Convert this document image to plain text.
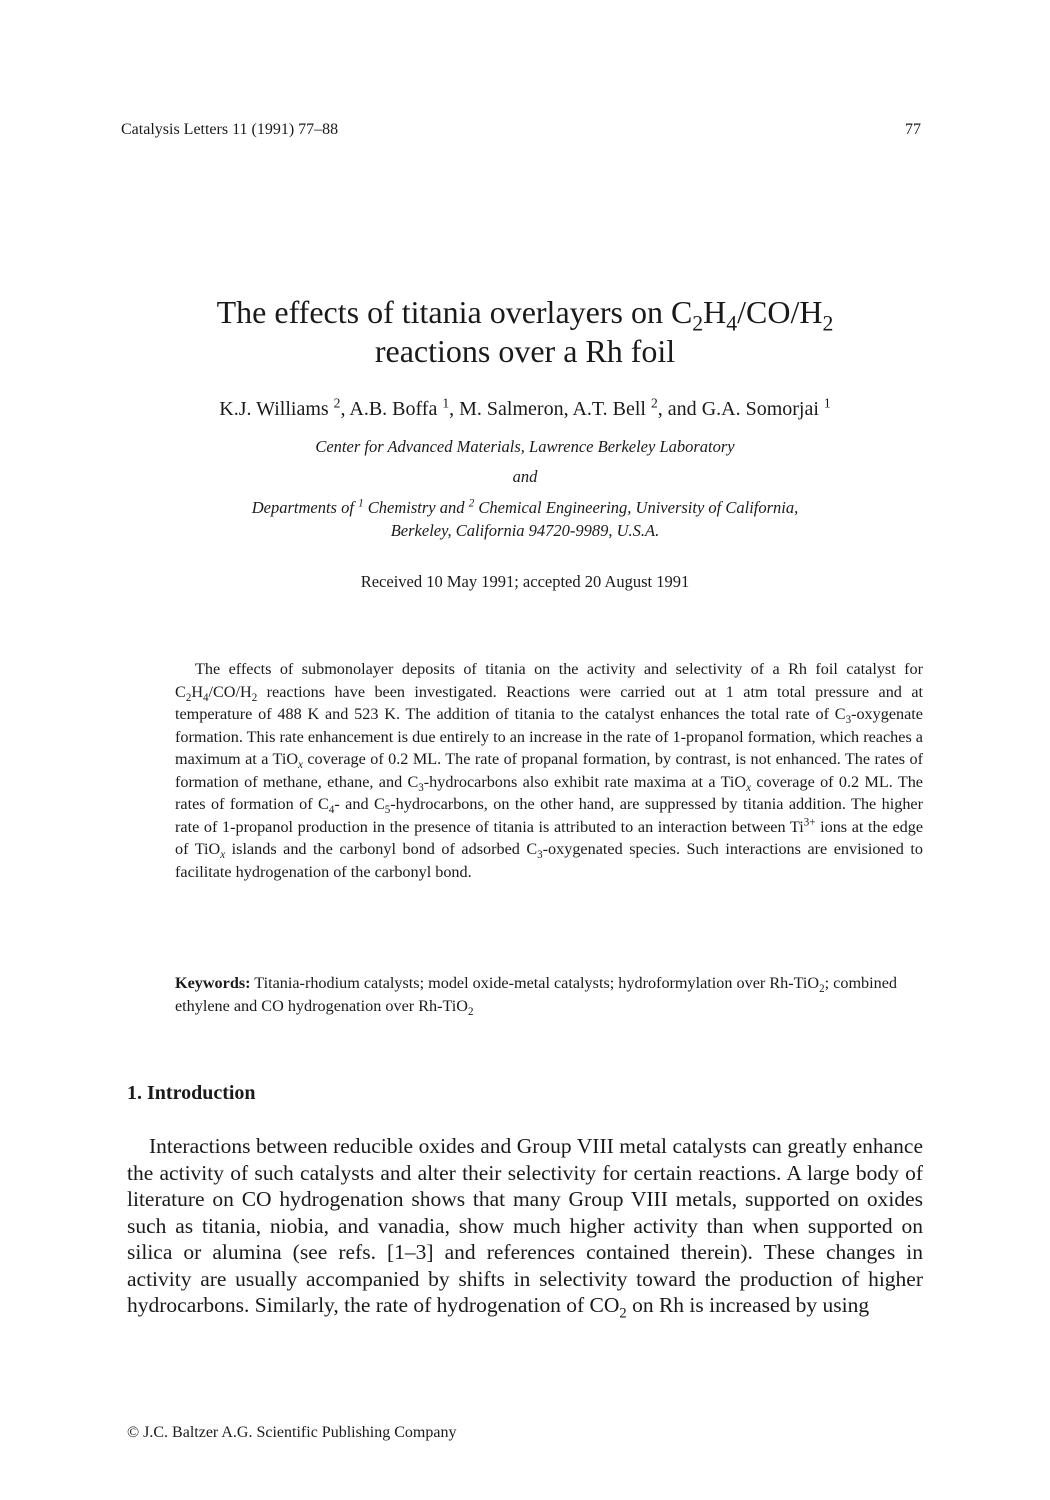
Catalysis Letters 11 (1991) 77–88	77
The effects of titania overlayers on $C_2H_4/CO/H_2$
reactions over a Rh foil
K.J. Williams $^2$, A.B. Boffa $^1$, M. Salmeron, A.T. Bell $^2$, and G.A. Somorjai $^1$
Center for Advanced Materials, Lawrence Berkeley Laboratory
and
Departments of $^1$ Chemistry and $^2$ Chemical Engineering, University of California,
Berkeley, California 94720-9989, U.S.A.
Received 10 May 1991; accepted 20 August 1991

The effects of submonolayer deposits of titania on the activity and selectivity of a Rh foil catalyst for $C_2H_4/CO/H_2$ reactions have been investigated. Reactions were carried out at 1 atm total pressure and at temperature of 488 K and 523 K. The addition of titania to the catalyst enhances the total rate of $C_3$-oxygenate formation. This rate enhancement is due entirely to an increase in the rate of 1-propanol formation, which reaches a maximum at a TiO$_x$ coverage of 0.2 ML. The rate of propanal formation, by contrast, is not enhanced. The rates of formation of methane, ethane, and $C_3$-hydrocarbons also exhibit rate maxima at a TiO$_x$ coverage of 0.2 ML. The rates of formation of $C_4-$ and $C_5$-hydrocarbons, on the other hand, are suppressed by titania addition. The higher rate of 1-propanol production in the presence of titania is attributed to an interaction between $Ti^{3+}$ ions at the edge of TiO$_x$ islands and the carbonyl bond of adsorbed $C_3$-oxygenated species. Such interactions are envisioned to facilitate hydrogenation of the carbonyl bond.

Keywords: Titania-rhodium catalysts; model oxide-metal catalysts; hydroformylation over Rh-TiO$_2$; combined ethylene and CO hydrogenation over Rh-TiO$_2$
1. Introduction

Interactions between reducible oxides and Group VIII metal catalysts can greatly enhance the activity of such catalysts and alter their selectivity for certain reactions. A large body of literature on CO hydrogenation shows that many Group VIII metals, supported on oxides such as titania, niobia, and vanadia, show much higher activity than when supported on silica or alumina (see refs. [1–3] and references contained therein). These changes in activity are usually accompanied by shifts in selectivity toward the production of higher hydrocarbons. Similarly, the rate of hydrogenation of $CO_2$ on Rh is increased by using

© J.C. Baltzer A.G. Scientific Publishing Company
